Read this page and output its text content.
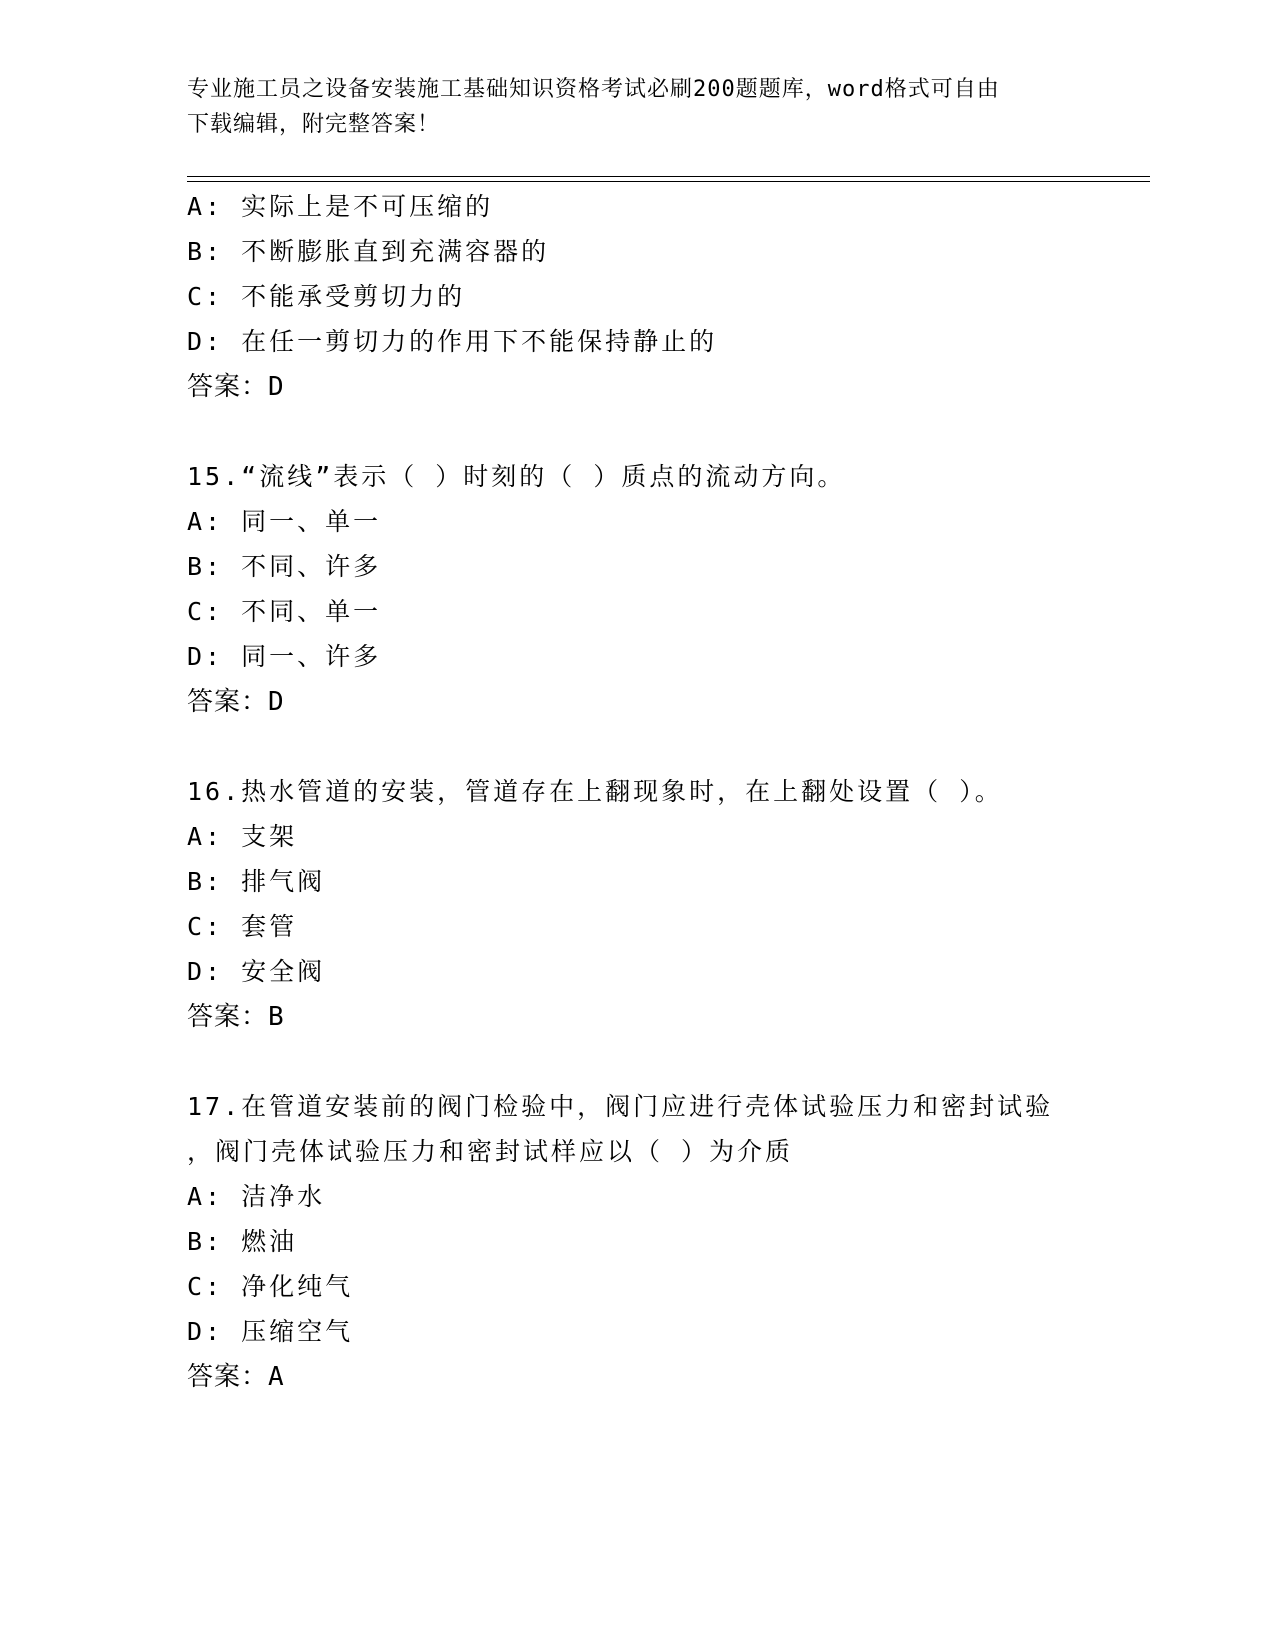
专业施工员之设备安装施工基础知识资格考试必刷200题题库，word格式可自由
下载编辑，附完整答案！
A: 实际上是不可压缩的
B: 不断膨胀直到充满容器的
C: 不能承受剪切力的
D: 在任一剪切力的作用下不能保持静止的
答案：D
15.“流线”表示（ ）时刻的（ ）质点的流动方向。
A: 同一、单一
B: 不同、许多
C: 不同、单一
D: 同一、许多
答案：D
16.热水管道的安装，管道存在上翻现象时，在上翻处设置（ ）。
A: 支架
B: 排气阀
C: 套管
D: 安全阀
答案：B
17.在管道安装前的阀门检验中，阀门应进行壳体试验压力和密封试验
，阀门壳体试验压力和密封试样应以（ ）为介质
A: 洁净水
B: 燃油
C: 净化纯气
D: 压缩空气
答案：A
